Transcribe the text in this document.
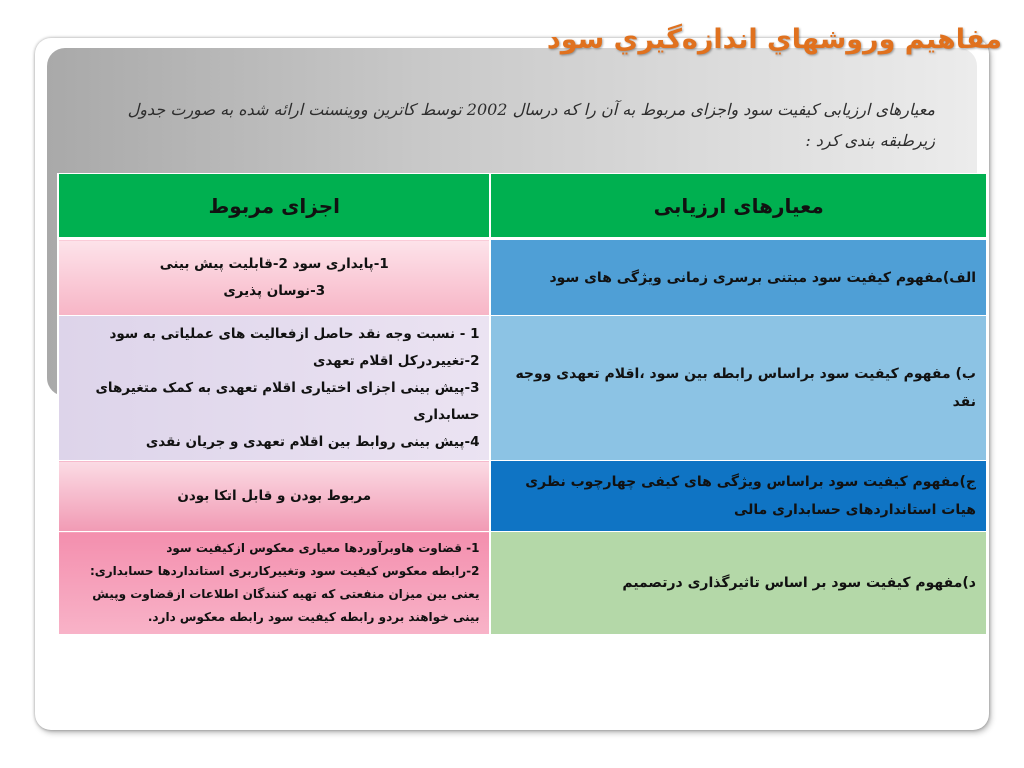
مفاهيم وروشهاي اندازه‌گيري سود
معیارهای ارزیابی کیفیت سود واجزای مربوط به آن را که درسال 2002 توسط کاترین ووینسنت ارائه شده به صورت جدول زیرطبقه بندی کرد :
معیارهای ارزیابی	اجزای مربوط

الف)مفهوم کیفیت سود مبتنی برسری زمانی ویژگی های سود	1-پایداری سود 2-قابلیت پیش بینی
3-نوسان پذیری

ب) مفهوم کیفیت سود براساس رابطه بین سود ،اقلام تعهدی ووجه نقد	1 - نسبت وجه نقد حاصل ازفعالیت های عملیاتی به سود
2-تغییردرکل اقلام تعهدی
3-پیش بینی اجزای اختیاری اقلام تعهدی به کمک متغیرهای حسابداری
4-پیش بینی روابط بین اقلام تعهدی و جریان نقدی

ج)مفهوم کیفیت سود براساس ویژگی های کیفی چهارچوب نظری هیات استانداردهای حسابداری مالی	مربوط بودن و قابل اتکا بودن

د)مفهوم کیفیت سود بر اساس تاثیرگذاری درتصمیم	1- قضاوت هاوبرآوردها معیاری معکوس ازکیفیت سود
2-رابطه معکوس کیفیت سود وتغییرکاربری استانداردها حسابداری: یعنی بین میزان منفعتی که تهیه کنندگان اطلاعات ازقضاوت وپیش بینی خواهند بردو رابطه کیفیت سود رابطه معکوس دارد.
